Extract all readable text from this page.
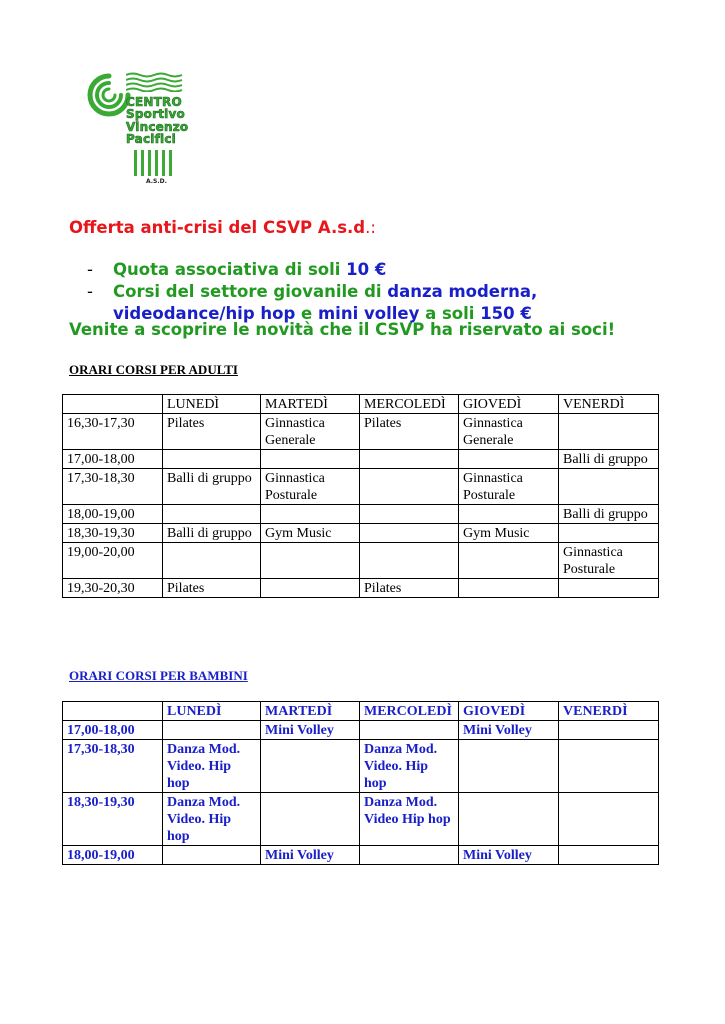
CENTRO
Sportivo
Vincenzo
Pacifici
A.S.D.
Offerta anti-crisi del CSVP A.s.d.:
- Quota associativa di soli 10 €
- Corsi del settore giovanile di danza moderna, videodance/hip hop e mini volley a soli 150 €
Venite a scoprire le novità che il CSVP ha riservato ai soci!
ORARI CORSI PER ADULTI
	LUNEDÌ	MARTEDÌ	MERCOLEDÌ	GIOVEDÌ	VENERDÌ
16,30-17,30	Pilates	Ginnastica Generale	Pilates	Ginnastica Generale	
17,00-18,00					Balli di gruppo
17,30-18,30	Balli di gruppo	Ginnastica Posturale		Ginnastica Posturale	
18,00-19,00					Balli di gruppo
18,30-19,30	Balli di gruppo	Gym Music		Gym Music	
19,00-20,00					Ginnastica Posturale
19,30-20,30	Pilates		Pilates		
ORARI CORSI PER BAMBINI
	LUNEDÌ	MARTEDÌ	MERCOLEDÌ	GIOVEDÌ	VENERDÌ
17,00-18,00		Mini Volley		Mini Volley	
17,30-18,30	Danza Mod. Video. Hip hop		Danza Mod. Video. Hip hop		
18,30-19,30	Danza Mod. Video. Hip hop		Danza Mod. Video Hip hop		
18,00-19,00		Mini Volley		Mini Volley	
